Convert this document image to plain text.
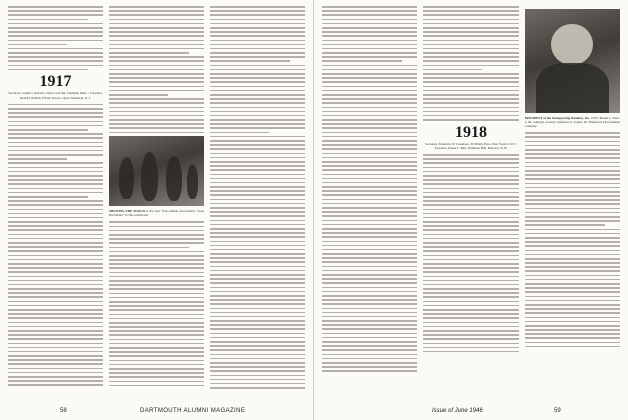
1917
Secretary, Josiah G. Roberts, Silver Leaf Inn, Chatham, Mass. / Treasurer, Richard Aldrich, 8 Park Terrace, Upper Montclair, N. J.
SHOWING THE POOCH at the New York Alumni Association's “Gala Hat Dinner” in The Grill Room.
58	DARTMOUTH ALUMNI MAGAZINE
1918
Secretary, Frederick W. Cassebeer, 36 Trinity Place, New York 6, N.Y. / Treasurer, Ernest L. Barr, Parkhurst Hall, Hanover, N. H.
PRESIDENT of the Sontagrowing Dunelasy, Inc. 1918's Martin L. Drew, is the company recently organized to acquire the Brunswick Development Company.
Issue of June 1946	59
